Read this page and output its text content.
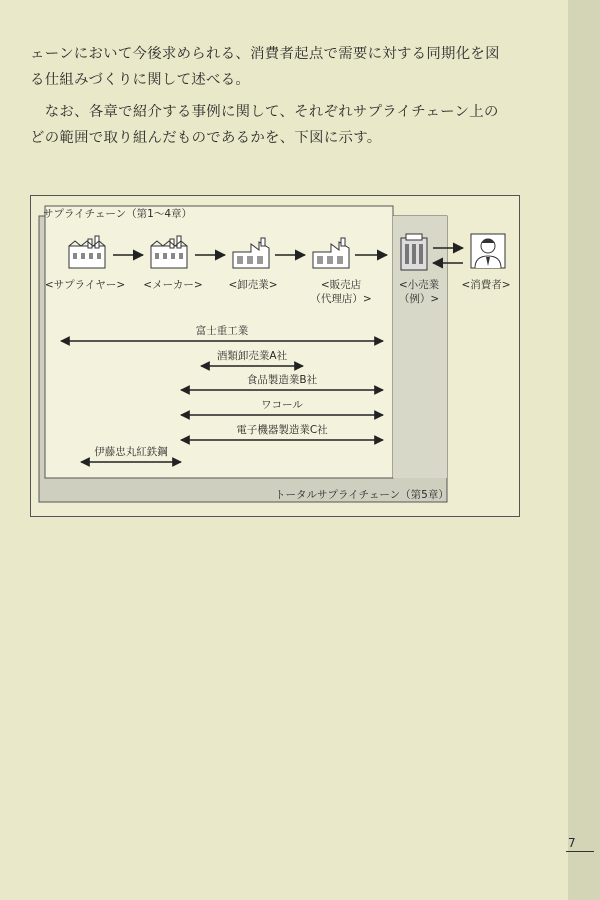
ェーンにおいて今後求められる、消費者起点で需要に対する同期化を図
る仕組みづくりに関して述べる。
　なお、各章で紹介する事例に関して、それぞれサプライチェーン上の
どの範囲で取り組んだものであるかを、下図に示す。
サプライチェーン（第1～4章）
トータルサプライチェーン（第5章）
<サプライヤー>	<メーカー>	<卸売業>	<販売店
（代理店）>
<小売業
（例）>
<消費者>
富士重工業
酒類卸売業A社
食品製造業B社
ワコール
電子機器製造業C社
伊藤忠丸紅鉄鋼
7
